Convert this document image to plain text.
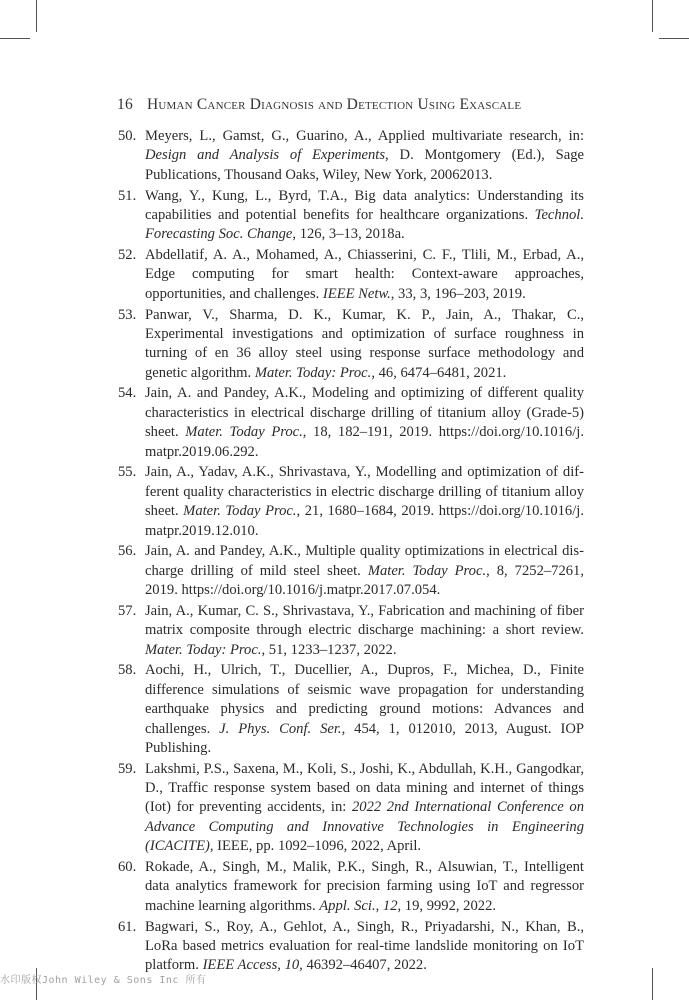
16 Human Cancer Diagnosis and Detection Using Exascale
50. Meyers, L., Gamst, G., Guarino, A., Applied multivariate research, in: Design and Analysis of Experiments, D. Montgomery (Ed.), Sage Publications, Thousand Oaks, Wiley, New York, 20062013.
51. Wang, Y., Kung, L., Byrd, T.A., Big data analytics: Understanding its capabilities and potential benefits for healthcare organizations. Technol. Forecasting Soc. Change, 126, 3–13, 2018a.
52. Abdellatif, A. A., Mohamed, A., Chiasserini, C. F., Tlili, M., Erbad, A., Edge computing for smart health: Context-aware approaches, opportunities, and challenges. IEEE Netw., 33, 3, 196–203, 2019.
53. Panwar, V., Sharma, D. K., Kumar, K. P., Jain, A., Thakar, C., Experimental investigations and optimization of surface roughness in turning of en 36 alloy steel using response surface methodology and genetic algorithm. Mater. Today: Proc., 46, 6474–6481, 2021.
54. Jain, A. and Pandey, A.K., Modeling and optimizing of different quality characteristics in electrical discharge drilling of titanium alloy (Grade-5) sheet. Mater. Today Proc., 18, 182–191, 2019. https://doi.org/10.1016/j.​matpr.2019.06.292.
55. Jain, A., Yadav, A.K., Shrivastava, Y., Modelling and optimization of different quality characteristics in electric discharge drilling of titanium alloy sheet. Mater. Today Proc., 21, 1680–1684, 2019. https://doi.org/10.1016/j.​matpr.2019.12.010.
56. Jain, A. and Pandey, A.K., Multiple quality optimizations in electrical discharge drilling of mild steel sheet. Mater. Today Proc., 8, 7252–7261, 2019. https://doi.org/10.1016/j.matpr.2017.07.054.
57. Jain, A., Kumar, C. S., Shrivastava, Y., Fabrication and machining of fiber matrix composite through electric discharge machining: a short review. Mater. Today: Proc., 51, 1233–1237, 2022.
58. Aochi, H., Ulrich, T., Ducellier, A., Dupros, F., Michea, D., Finite difference simulations of seismic wave propagation for understanding earthquake physics and predicting ground motions: Advances and challenges. J. Phys. Conf. Ser., 454, 1, 012010, 2013, August. IOP Publishing.
59. Lakshmi, P.S., Saxena, M., Koli, S., Joshi, K., Abdullah, K.H., Gangodkar, D., Traffic response system based on data mining and internet of things (Iot) for preventing accidents, in: 2022 2nd International Conference on Advance Computing and Innovative Technologies in Engineering (ICACITE), IEEE, pp. 1092–1096, 2022, April.
60. Rokade, A., Singh, M., Malik, P.K., Singh, R., Alsuwian, T., Intelligent data analytics framework for precision farming using IoT and regressor machine learning algorithms. Appl. Sci., 12, 19, 9992, 2022.
61. Bagwari, S., Roy, A., Gehlot, A., Singh, R., Priyadarshi, N., Khan, B., LoRa based metrics evaluation for real-time landslide monitoring on IoT platform. IEEE Access, 10, 46392–46407, 2022.
水印版权John Wiley & Sons Inc 所有
